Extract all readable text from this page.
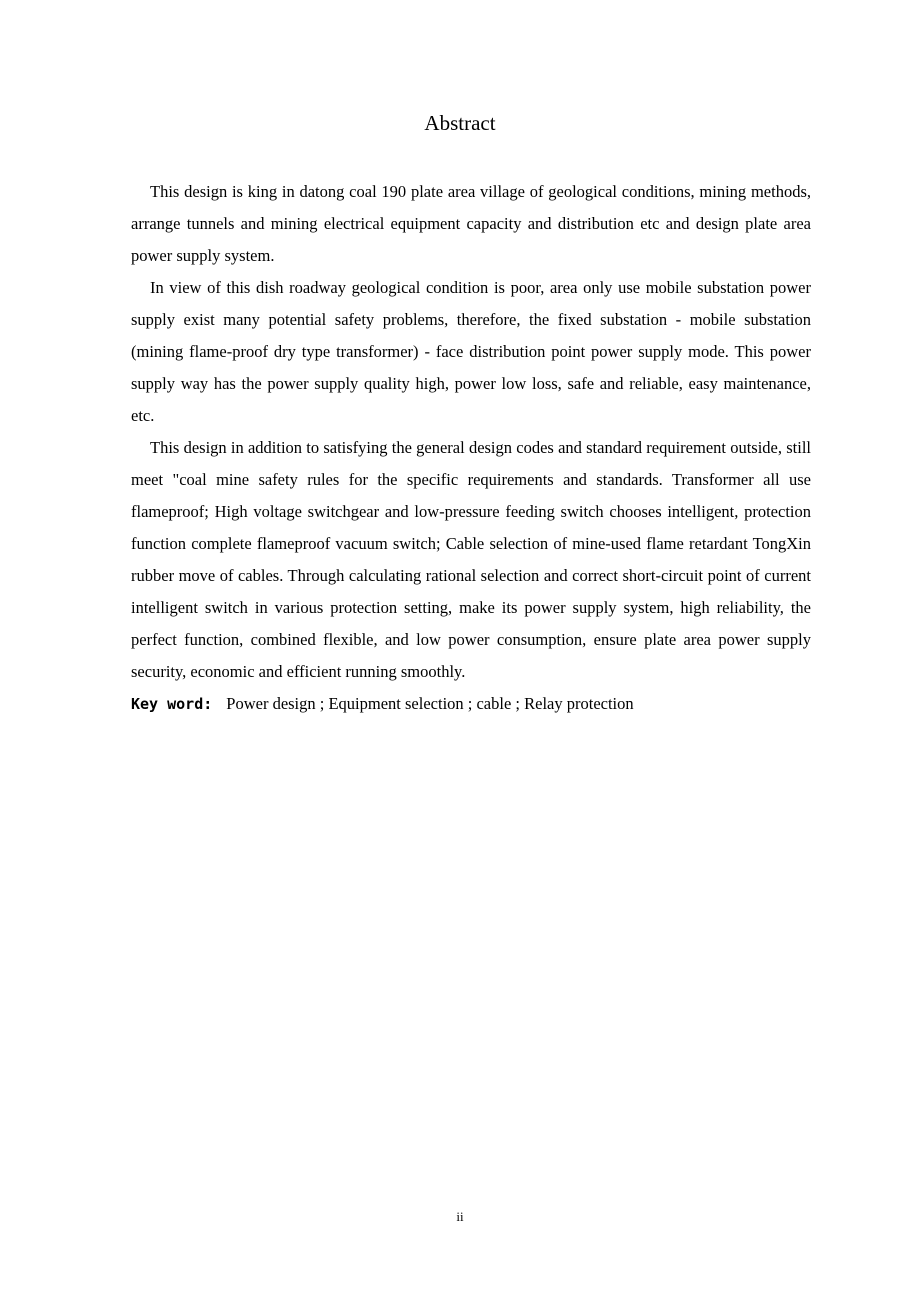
Abstract

This design is king in datong coal 190 plate area village of geological conditions, mining methods, arrange tunnels and mining electrical equipment capacity and distribution etc and design plate area power supply system.

In view of this dish roadway geological condition is poor, area only use mobile substation power supply exist many potential safety problems, therefore, the fixed substation - mobile substation (mining flame-proof dry type transformer) - face distribution point power supply mode. This power supply way has the power supply quality high, power low loss, safe and reliable, easy maintenance, etc.

This design in addition to satisfying the general design codes and standard requirement outside, still meet "coal mine safety rules for the specific requirements and standards. Transformer all use flameproof; High voltage switchgear and low-pressure feeding switch chooses intelligent, protection function complete flameproof vacuum switch; Cable selection of mine-used flame retardant TongXin rubber move of cables. Through calculating rational selection and correct short-circuit point of current intelligent switch in various protection setting, make its power supply system, high reliability, the perfect function, combined flexible, and low power consumption, ensure plate area power supply security, economic and efficient running smoothly.

Key word: Power design ; Equipment selection ; cable ; Relay protection

ii
